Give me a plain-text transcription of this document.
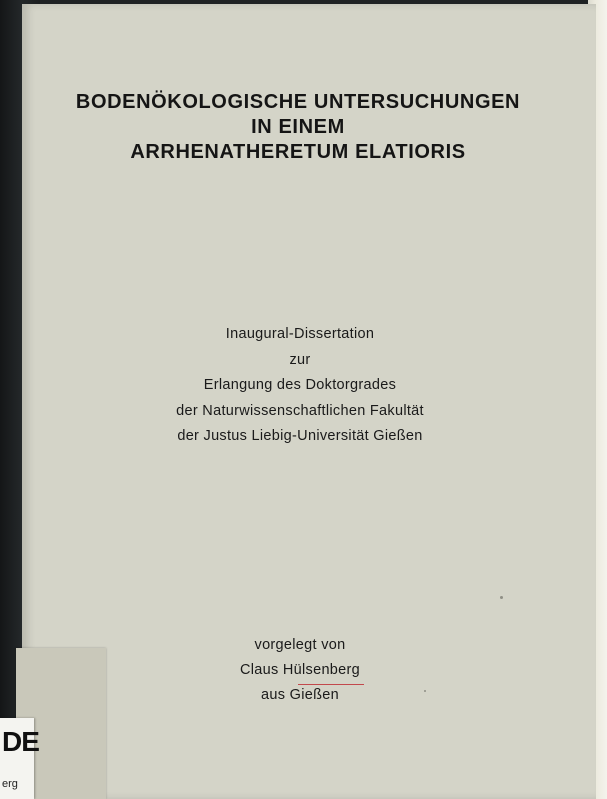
DE
erg
BODENÖKOLOGISCHE UNTERSUCHUNGEN
IN EINEM
ARRHENATHERETUM ELATIORIS
Inaugural-Dissertation
zur
Erlangung des Doktorgrades
der Naturwissenschaftlichen Fakultät
der Justus Liebig-Universität Gießen
vorgelegt von
Claus Hülsenberg
aus Gießen
